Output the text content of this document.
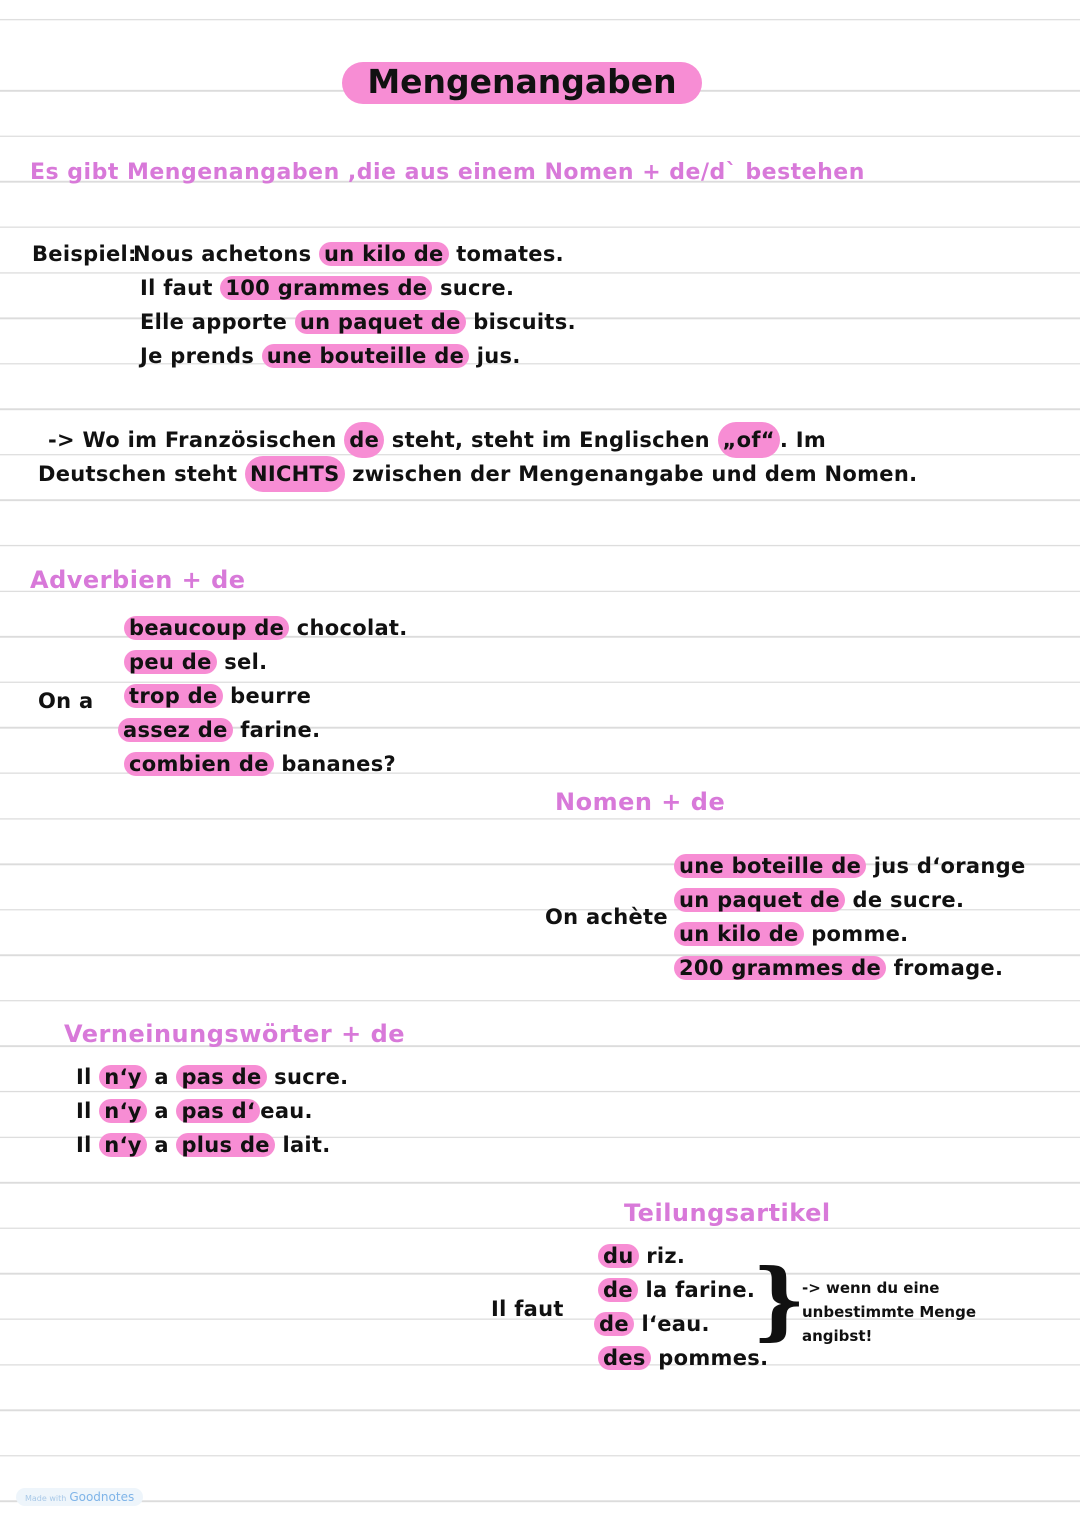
Mengenangaben
Es gibt Mengenangaben ,die aus einem Nomen + de/d` bestehen
Beispiel:
Nous achetons un kilo de tomates.
Il faut 100 grammes de sucre.
Elle apporte un paquet de biscuits.
Je prends une bouteille de jus.
-> Wo im Französischen de steht, steht im Englischen „of“ . Im
Deutschen steht NICHTS zwischen der Mengenangabe und dem Nomen.
Adverbien + de
On a
beaucoup de chocolat.
peu de sel.
trop de beurre
assez de farine.
combien de bananes?
Nomen + de
On achète
une boteille de jus d‘orange
un paquet de de sucre.
un kilo de pomme.
200 grammes de fromage.
Verneinungswörter + de
Il n‘y a pas de sucre.
Il n‘y a pas d‘ eau.
Il n‘y a plus de lait.
Teilungsartikel
Il faut
du riz.
de la farine.
de l‘eau.
des pommes.
}
-> wenn du eine unbestimmte Menge angibst!
Made with Goodnotes
